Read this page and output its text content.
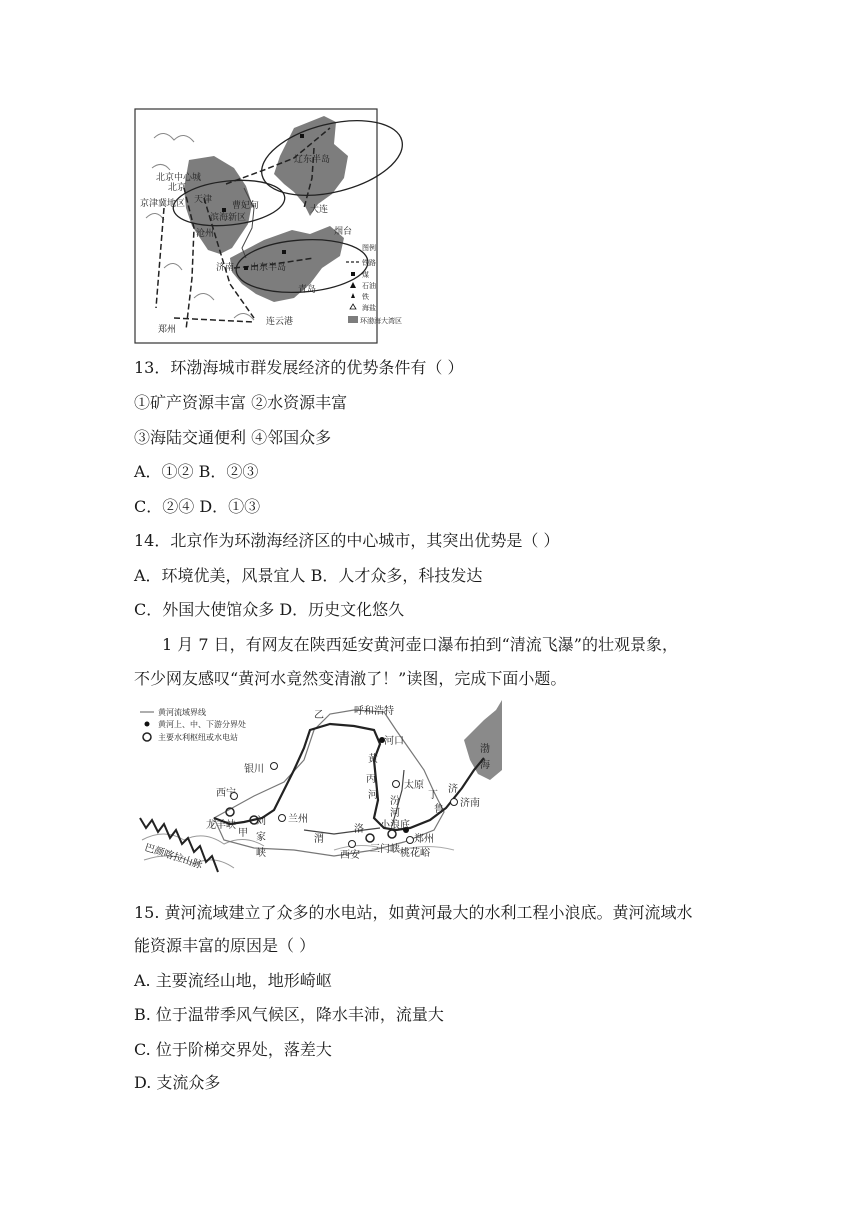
北京中心城
北京
京津冀地区 天津
滨海新区
曹妃甸
沧州
辽东半岛
大连
烟台
济南 山东半岛
青岛
郑州
连云港
图例
铁路
煤
石油
铁
海盐
环渤海大湾区
13．环渤海城市群发展经济的优势条件有（ ）
①矿产资源丰富 ②水资源丰富
③海陆交通便利 ④邻国众多
A．①② B．②③
C．②④ D．①③
14．北京作为环渤海经济区的中心城市，其突出优势是（ ）
A．环境优美，风景宜人 B．人才众多，科技发达
C．外国大使馆众多 D．历史文化悠久
1 月 7 日，有网友在陕西延安黄河壶口瀑布拍到“清流飞瀑”的壮观景象，
不少网友感叹“黄河水竟然变清澈了！”读图，完成下面小题。
黄河流域界线
黄河上、中、下游分界处
主要水利枢纽或水电站
乙	呼和浩特
河口
银川
黄
丙
河
太原
汾
河
小浪底
渤
海
丁
济
济南
西宁
兰州
龙羊峡
甲
刘
家
峡
渭
洛
三门峡
郑州
西安	桃花峪
鲁
巴颜喀拉山脉
15. 黄河流域建立了众多的水电站，如黄河最大的水利工程小浪底。黄河流域水
能资源丰富的原因是（ ）
A. 主要流经山地，地形崎岖
B. 位于温带季风气候区，降水丰沛，流量大
C. 位于阶梯交界处，落差大
D. 支流众多
